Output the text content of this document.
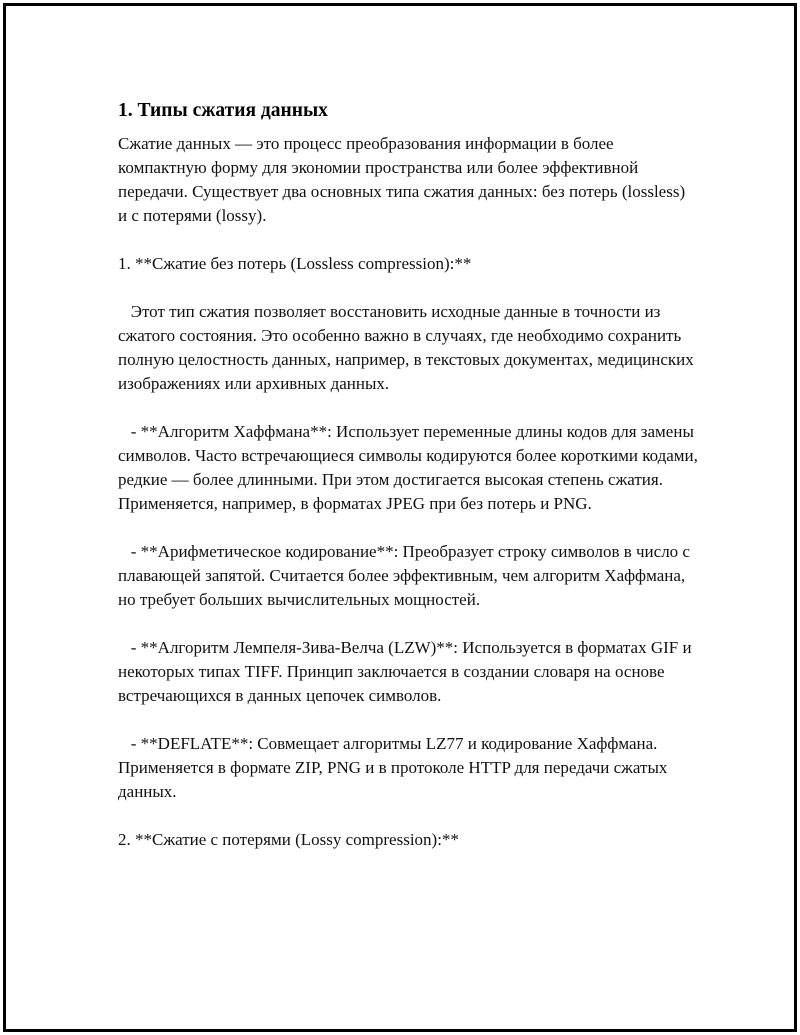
1. Типы сжатия данных

Сжатие данных — это процесс преобразования информации в более компактную форму для экономии пространства или более эффективной передачи. Существует два основных типа сжатия данных: без потерь (lossless) и с потерями (lossy).

1. **Сжатие без потерь (Lossless compression):**

Этот тип сжатия позволяет восстановить исходные данные в точности из сжатого состояния. Это особенно важно в случаях, где необходимо сохранить полную целостность данных, например, в текстовых документах, медицинских изображениях или архивных данных.

- **Алгоритм Хаффмана**: Использует переменные длины кодов для замены символов. Часто встречающиеся символы кодируются более короткими кодами, редкие — более длинными. При этом достигается высокая степень сжатия. Применяется, например, в форматах JPEG при без потерь и PNG.

- **Арифметическое кодирование**: Преобразует строку символов в число с плавающей запятой. Считается более эффективным, чем алгоритм Хаффмана, но требует больших вычислительных мощностей.

- **Алгоритм Лемпеля-Зива-Велча (LZW)**: Используется в форматах GIF и некоторых типах TIFF. Принцип заключается в создании словаря на основе встречающихся в данных цепочек символов.

- **DEFLATE**: Совмещает алгоритмы LZ77 и кодирование Хаффмана. Применяется в формате ZIP, PNG и в протоколе HTTP для передачи сжатых данных.

2. **Сжатие с потерями (Lossy compression):**
